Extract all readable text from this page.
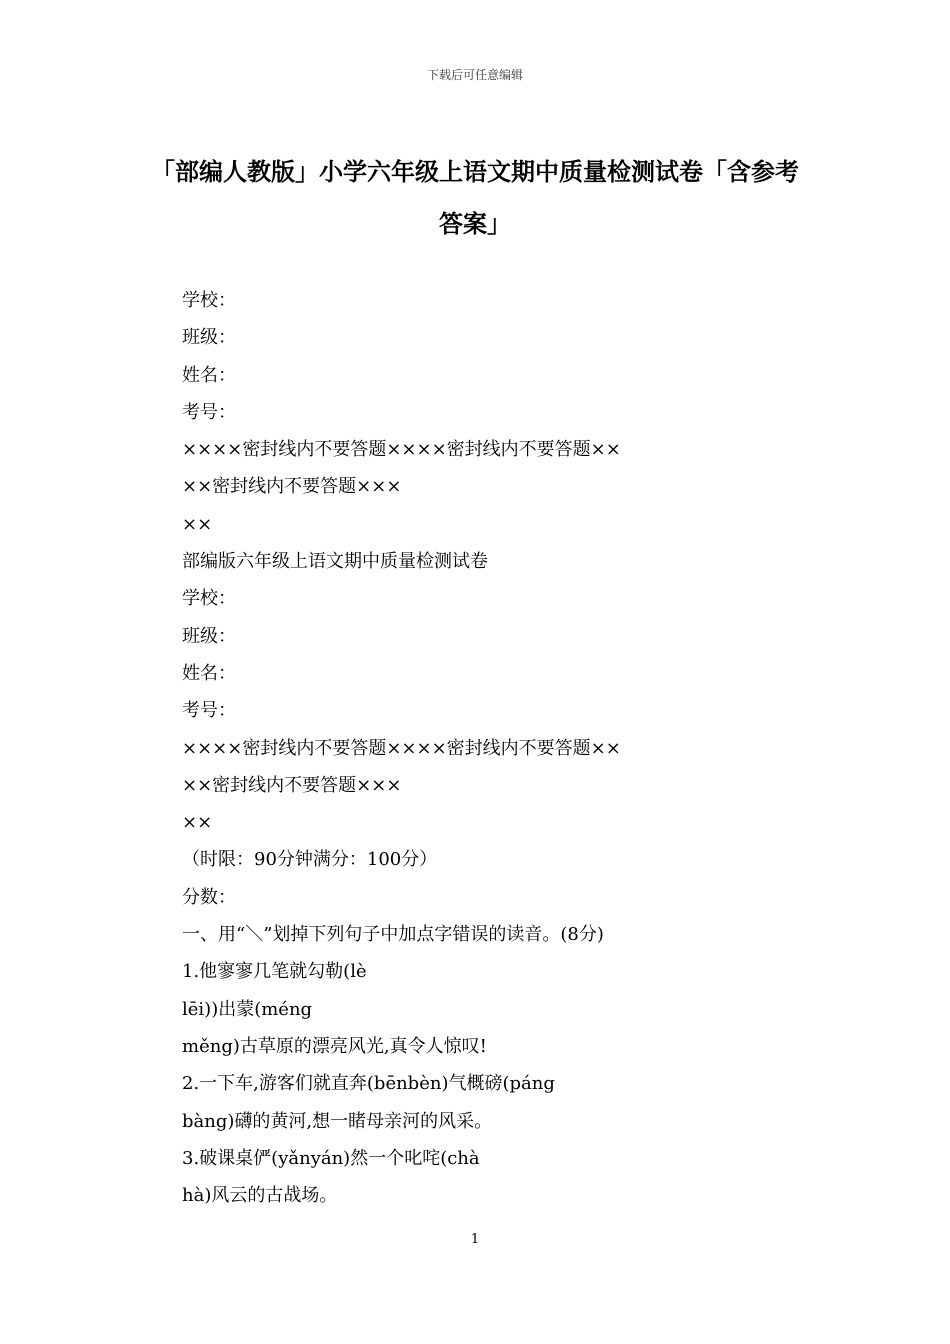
下载后可任意编辑
「部编人教版」小学六年级上语文期中质量检测试卷「含参考答案」
学校：
班级：
姓名：
考号：
××××密封线内不要答题××××密封线内不要答题××
××密封线内不要答题×××
××
部编版六年级上语文期中质量检测试卷
学校：
班级：
姓名：
考号：
××××密封线内不要答题××××密封线内不要答题××
××密封线内不要答题×××
××
（时限：90分钟满分：100分）
分数：
一、用“＼”划掉下列句子中加点字错误的读音。(8分)
1.他寥寥几笔就勾勒(lè
lēi))出蒙(méng
měng)古草原的漂亮风光,真令人惊叹!
2.一下车,游客们就直奔(bēnbèn)气概磅(páng
bàng)礴的黄河,想一睹母亲河的风采。
3.破课桌俨(yǎnyán)然一个叱咤(chà
hà)风云的古战场。
1
